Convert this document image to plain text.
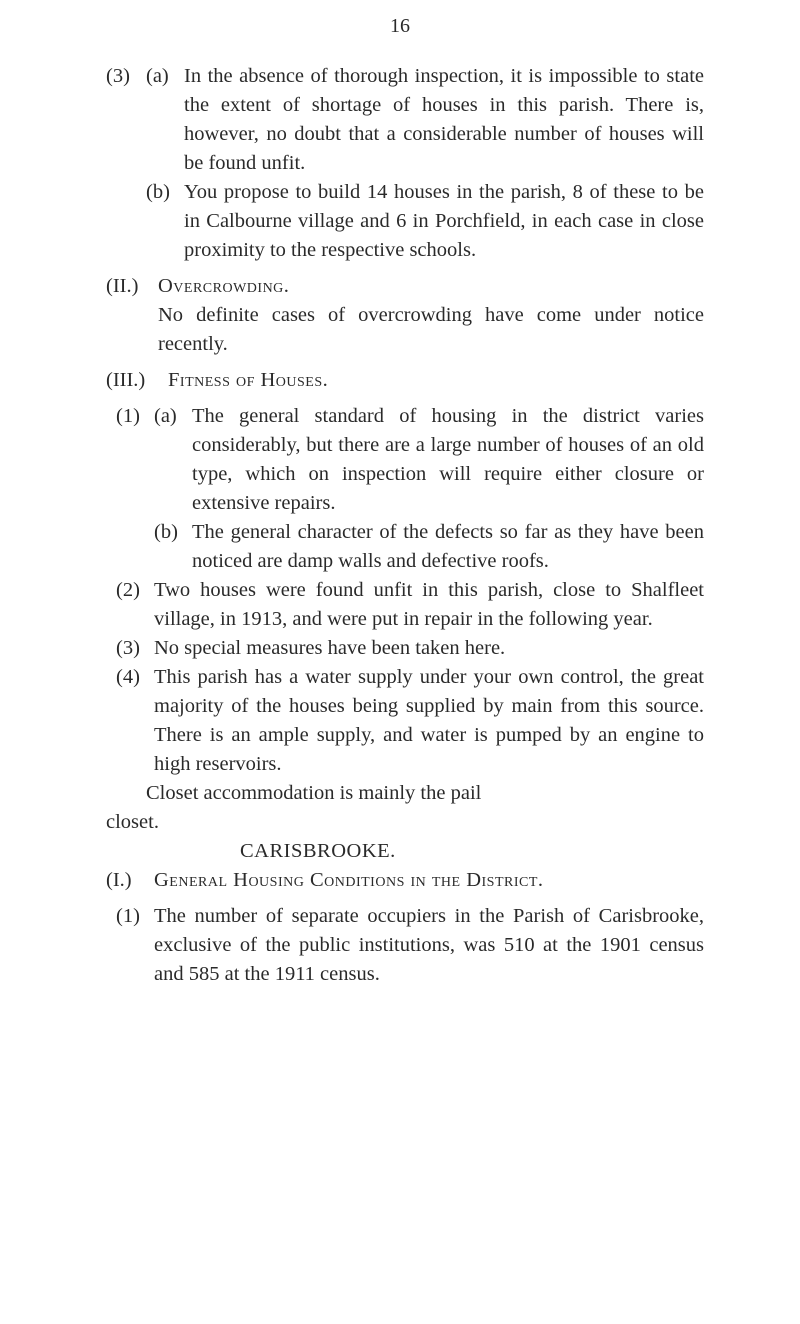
16
(3) (a) In the absence of thorough inspection, it is impossible to state the extent of shortage of houses in this parish. There is, however, no doubt that a considerable number of houses will be found unfit.
(b) You propose to build 14 houses in the parish, 8 of these to be in Calbourne village and 6 in Porchfield, in each case in close proximity to the respective schools.
(II.) Overcrowding.
No definite cases of overcrowding have come under notice recently.
(III.) Fitness of Houses.
(1) (a) The general standard of housing in the district varies considerably, but there are a large number of houses of an old type, which on inspection will require either closure or extensive repairs.
(b) The general character of the defects so far as they have been noticed are damp walls and defective roofs.
(2) Two houses were found unfit in this parish, close to Shalfleet village, in 1913, and were put in repair in the following year.
(3) No special measures have been taken here.
(4) This parish has a water supply under your own control, the great majority of the houses being supplied by main from this source. There is an ample supply, and water is pumped by an engine to high reservoirs.
Closet accommodation is mainly the pail
closet.
CARISBROOKE.
(I.) General Housing Conditions in the District.
(1) The number of separate occupiers in the Parish of Carisbrooke, exclusive of the public institutions, was 510 at the 1901 census and 585 at the 1911 census.
